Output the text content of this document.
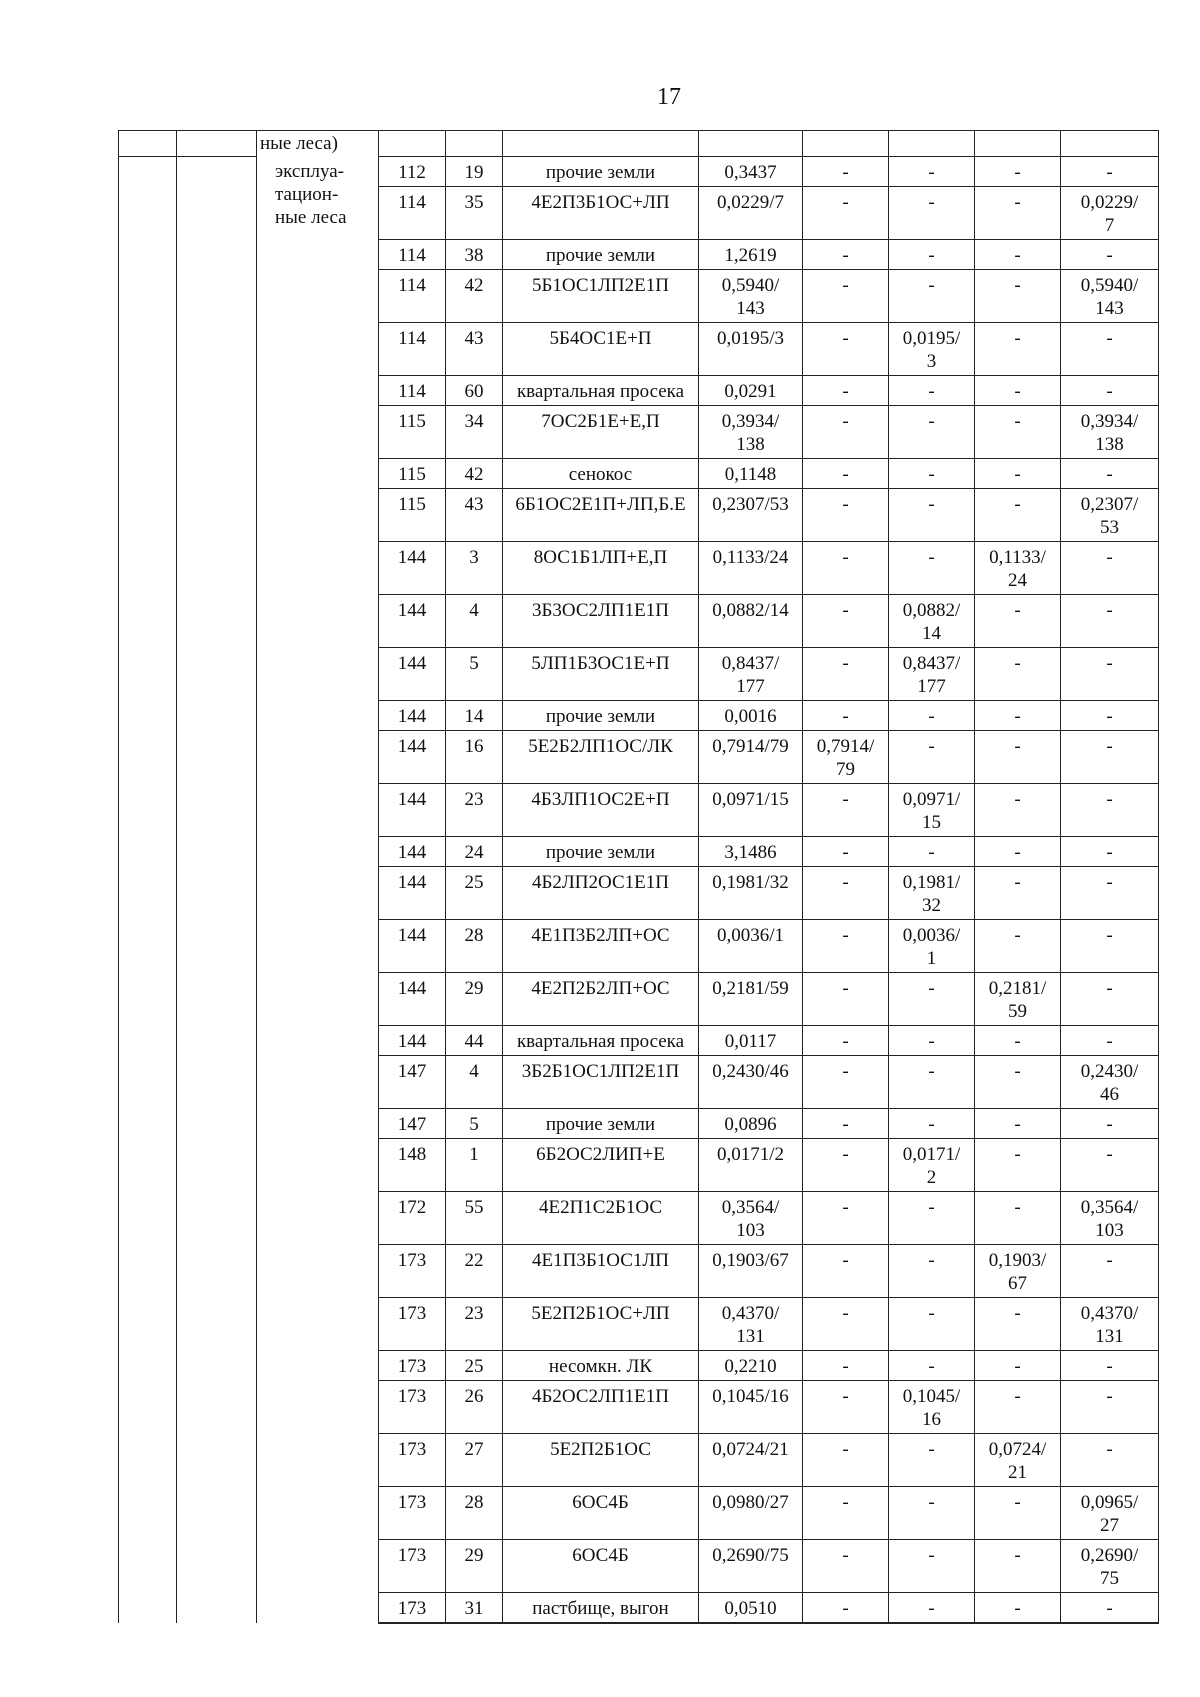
17
		ные леса)								
		эксплуа-
тацион-
ные леса	112	19	прочие земли	0,3437	-	-	-	-
			114	35	4Е2П3Б1ОС+ЛП	0,0229/7	-	-	-	0,0229/
7
			114	38	прочие земли	1,2619	-	-	-	-
			114	42	5Б1ОС1ЛП2Е1П	0,5940/
143	-	-	-	0,5940/
143
			114	43	5Б4ОС1Е+П	0,0195/3	-	0,0195/
3	-	-
			114	60	квартальная просека	0,0291	-	-	-	-
			115	34	7ОС2Б1Е+Е,П	0,3934/
138	-	-	-	0,3934/
138
			115	42	сенокос	0,1148	-	-	-	-
			115	43	6Б1ОС2Е1П+ЛП,Б.Е	0,2307/53	-	-	-	0,2307/
53
			144	3	8ОС1Б1ЛП+Е,П	0,1133/24	-	-	0,1133/
24	-
			144	4	3Б3ОС2ЛП1Е1П	0,0882/14	-	0,0882/
14	-	-
			144	5	5ЛП1Б3ОС1Е+П	0,8437/
177	-	0,8437/
177	-	-
			144	14	прочие земли	0,0016	-	-	-	-
			144	16	5Е2Б2ЛП1ОС/ЛК	0,7914/79	0,7914/
79	-	-	-
			144	23	4Б3ЛП1ОС2Е+П	0,0971/15	-	0,0971/
15	-	-
			144	24	прочие земли	3,1486	-	-	-	-
			144	25	4Б2ЛП2ОС1Е1П	0,1981/32	-	0,1981/
32	-	-
			144	28	4Е1П3Б2ЛП+ОС	0,0036/1	-	0,0036/
1	-	-
			144	29	4Е2П2Б2ЛП+ОС	0,2181/59	-	-	0,2181/
59	-
			144	44	квартальная просека	0,0117	-	-	-	-
			147	4	3Б2Б1ОС1ЛП2Е1П	0,2430/46	-	-	-	0,2430/
46
			147	5	прочие земли	0,0896	-	-	-	-
			148	1	6Б2ОС2ЛИП+Е	0,0171/2	-	0,0171/
2	-	-
			172	55	4Е2П1С2Б1ОС	0,3564/
103	-	-	-	0,3564/
103
			173	22	4Е1П3Б1ОС1ЛП	0,1903/67	-	-	0,1903/
67	-
			173	23	5Е2П2Б1ОС+ЛП	0,4370/
131	-	-	-	0,4370/
131
			173	25	несомкн. ЛК	0,2210	-	-	-	-
			173	26	4Б2ОС2ЛП1Е1П	0,1045/16	-	0,1045/
16	-	-
			173	27	5Е2П2Б1ОС	0,0724/21	-	-	0,0724/
21	-
			173	28	6ОС4Б	0,0980/27	-	-	-	0,0965/
27
			173	29	6ОС4Б	0,2690/75	-	-	-	0,2690/
75
			173	31	пастбище, выгон	0,0510	-	-	-	-
